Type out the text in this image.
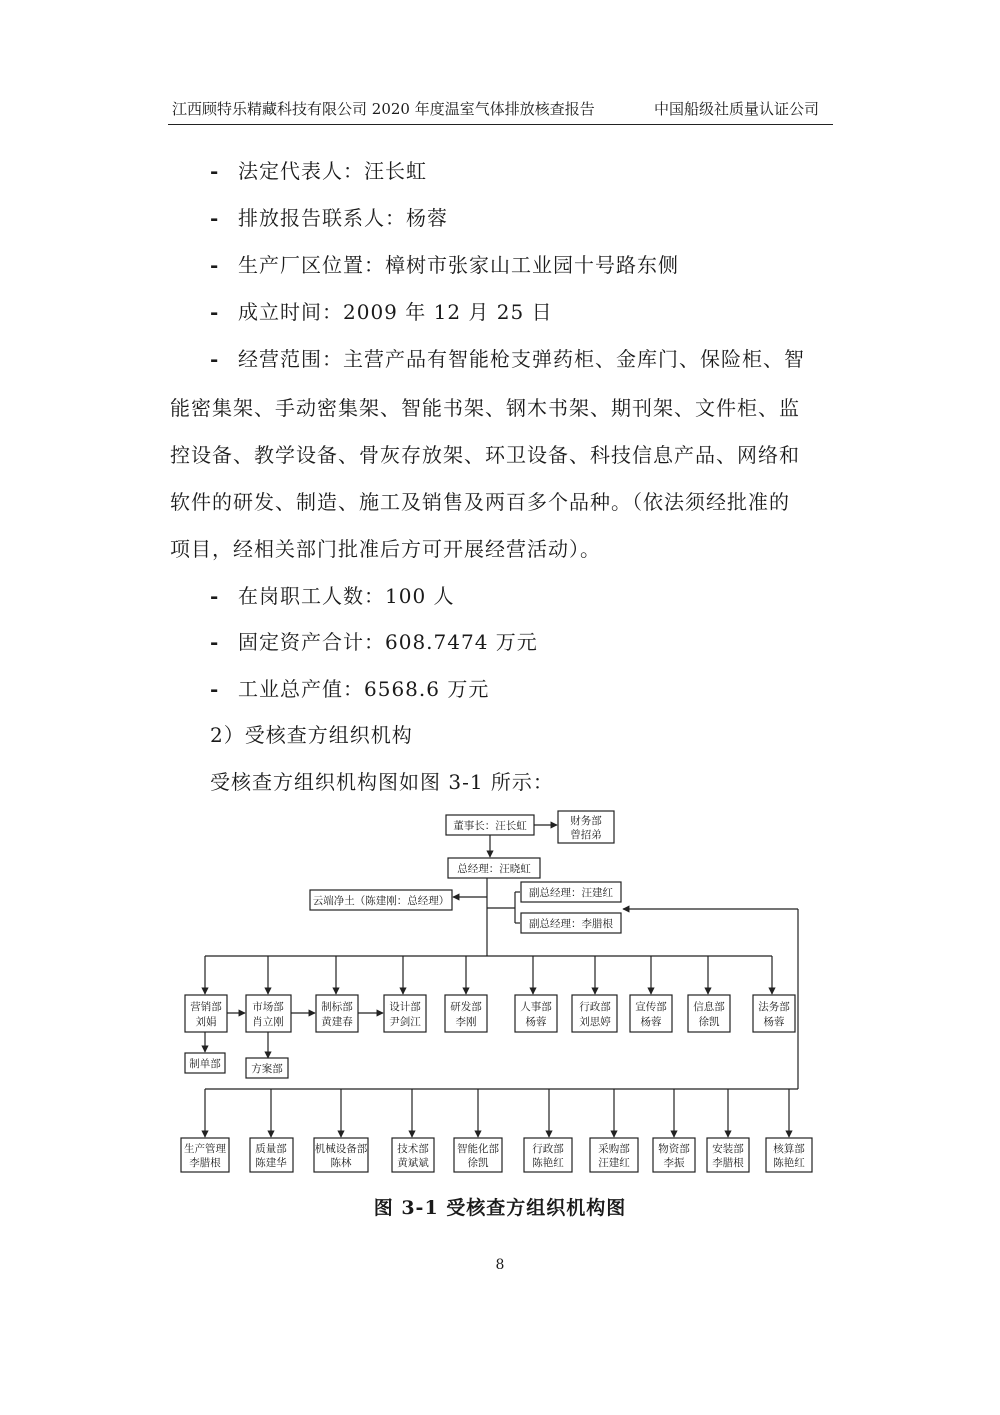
江西顾特乐精藏科技有限公司 2020 年度温室气体排放核查报告	中国船级社质量认证公司
- 法定代表人：汪长虹
- 排放报告联系人：杨蓉
- 生产厂区位置：樟树市张家山工业园十号路东侧
- 成立时间：2009 年 12 月 25 日
- 经营范围：主营产品有智能枪支弹药柜、金库门、保险柜、智
能密集架、手动密集架、智能书架、钢木书架、期刊架、文件柜、监
控设备、教学设备、骨灰存放架、环卫设备、科技信息产品、网络和
软件的研发、制造、施工及销售及两百多个品种。（依法须经批准的
项目，经相关部门批准后方可开展经营活动）。
- 在岗职工人数：100 人
- 固定资产合计：608.7474 万元
- 工业总产值：6568.6 万元
2）受核查方组织机构
受核查方组织机构图如图 3-1 所示：
董事长：汪长虹	财务部
曾招弟
总经理：汪晓虹
云端净土（陈建刚：总经理）
副总经理：汪建红
副总经理：李腊根
营销部
刘娟
市场部
肖立刚
制标部
黄建春
设计部
尹剑江
研发部
李刚
人事部
杨蓉
行政部
刘思婷
宣传部
杨蓉
信息部
徐凯
法务部
杨蓉
制单部	方案部
生产管理
李腊根
质量部
陈建华
机械设备部
陈林
技术部
黄斌斌
智能化部
徐凯
行政部
陈艳红
采购部
汪建红
物资部
李振
安装部
李腊根
核算部
陈艳红
图 3-1 受核查方组织机构图
8
